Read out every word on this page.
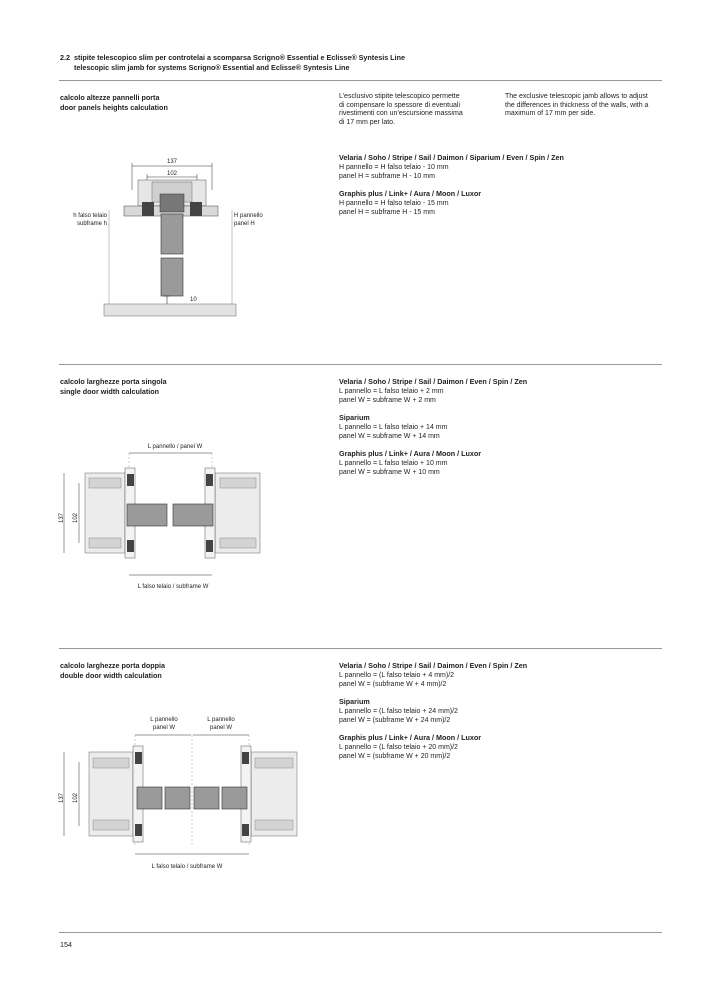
2.2 stipite telescopico slim per controtelai a scomparsa Scrigno® Essential e Eclisse® Syntesis Line
telescopic slim jamb for systems Scrigno® Essential and Eclisse® Syntesis Line
calcolo altezze pannelli porta
door panels heights calculation
L’esclusivo stipite telescopico permette
di compensare lo spessore di eventuali
rivestimenti con un’escursione massima
di 17 mm per lato.
The exclusive telescopic jamb allows to adjust
the differences in thickness of the walls, with a
maximum of 17 mm per side.
Velaria / Soho / Stripe / Sail / Daimon / Siparium / Even / Spin / Zen
H pannello = H falso telaio - 10 mm
panel H = subframe H - 10 mm
Graphis plus / Link+ / Aura / Moon / Luxor
H pannello = H falso telaio - 15 mm
panel H = subframe H - 15 mm
137
102
h falso telaio
subframe h
H pannello
panel H
10
calcolo larghezze porta singola
single door width calculation
Velaria / Soho / Stripe / Sail / Daimon / Even / Spin / Zen
L pannello = L falso telaio + 2 mm
panel W = subframe W + 2 mm
Siparium
L pannello = L falso telaio + 14 mm
panel W = subframe W + 14 mm
Graphis plus / Link+ / Aura / Moon / Luxor
L pannello = L falso telaio + 10 mm
panel W = subframe W + 10 mm
L pannello / panel W
137 102
L falso telaio / subframe W
calcolo larghezze porta doppia
double door width calculation
Velaria / Soho / Stripe / Sail / Daimon / Even / Spin / Zen
L pannello = (L falso telaio + 4 mm)/2
panel W = (subframe W + 4 mm)/2
Siparium
L pannello = (L falso telaio + 24 mm)/2
panel W = (subframe W + 24 mm)/2
Graphis plus / Link+ / Aura / Moon / Luxor
L pannello = (L falso telaio + 20 mm)/2
panel W = (subframe W + 20 mm)/2
L pannello
panel W
L pannello
panel W
137 102
L falso telaio / subframe W
154
